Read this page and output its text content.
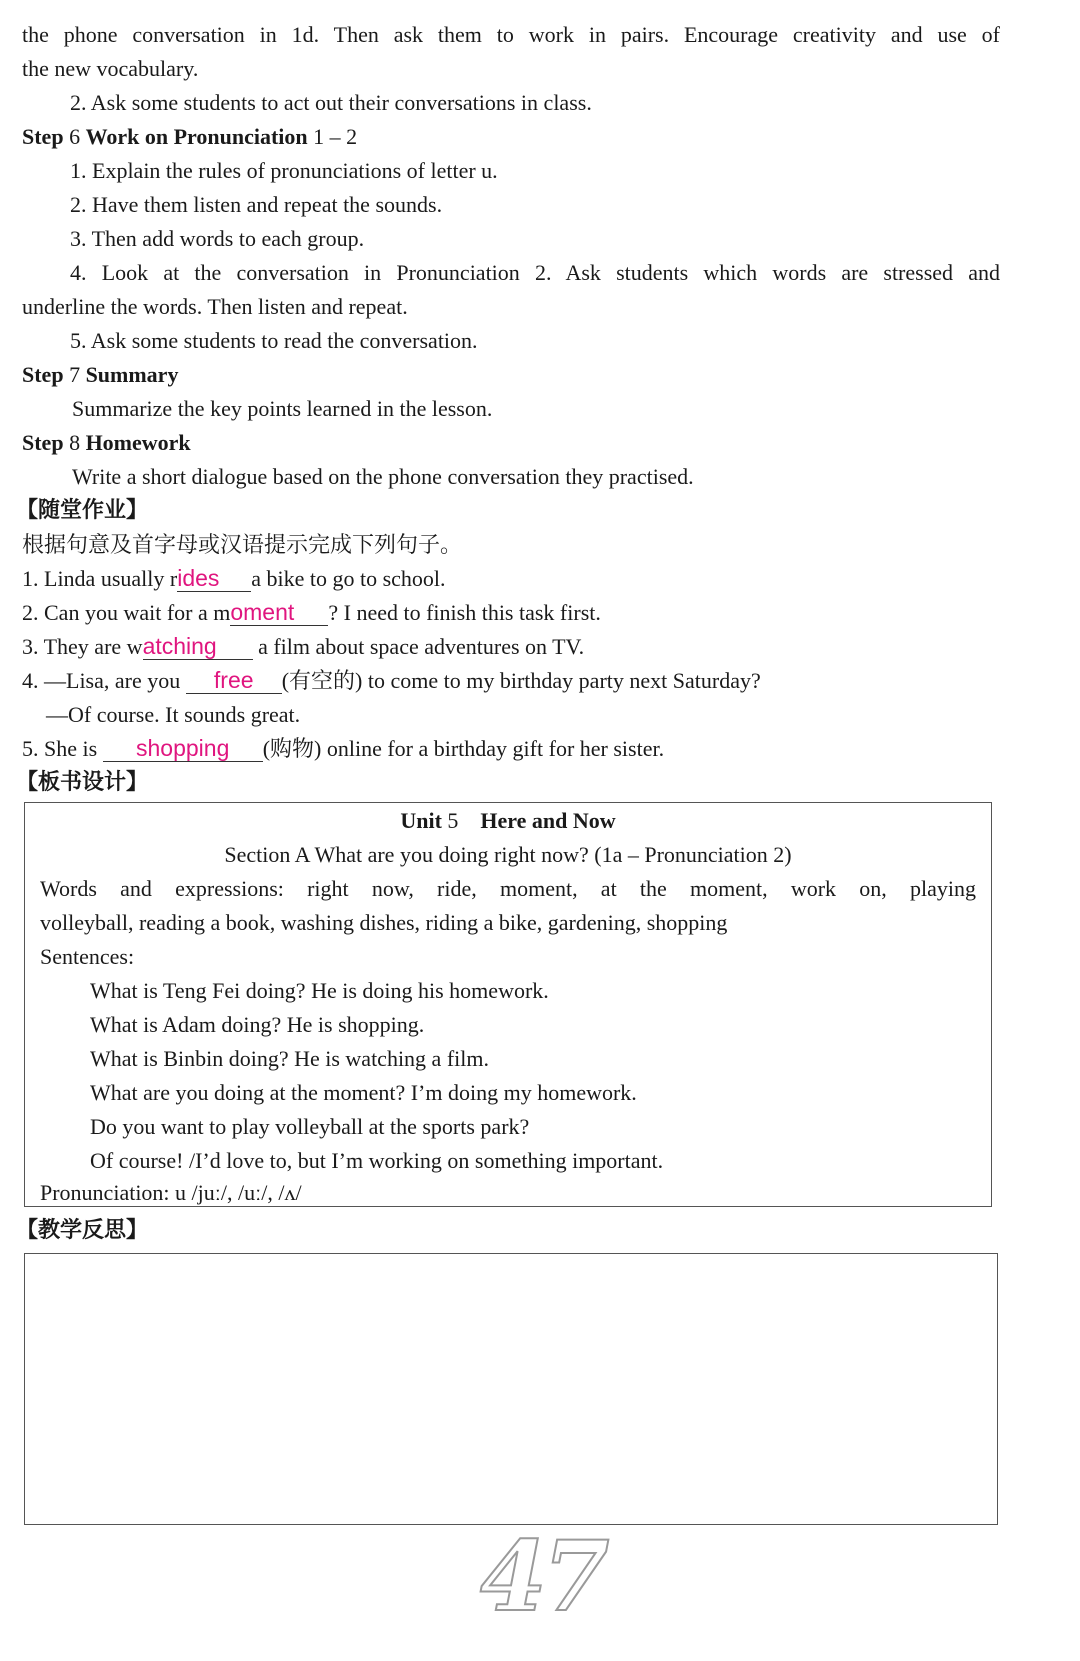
the phone conversation in 1d. Then ask them to work in pairs. Encourage creativity and use of
the new vocabulary.
2. Ask some students to act out their conversations in class.
Step 6 Work on Pronunciation 1 – 2
1. Explain the rules of pronunciations of letter u.
2. Have them listen and repeat the sounds.
3. Then add words to each group.
4. Look at the conversation in Pronunciation 2. Ask students which words are stressed and
underline the words. Then listen and repeat.
5. Ask some students to read the conversation.
Step 7 Summary
Summarize the key points learned in the lesson.
Step 8 Homework
Write a short dialogue based on the phone conversation they practised.
【随堂作业】
根据句意及首字母或汉语提示完成下列句子。
1. Linda usually rides a bike to go to school.
2. Can you wait for a moment ? I need to finish this task first.
3. They are watching a film about space adventures on TV.
4. —Lisa, are you free (有空的) to come to my birthday party next Saturday?
—Of course. It sounds great.
5. She is shopping (购物) online for a birthday gift for her sister.
【板书设计】
Unit 5 Here and Now
Section A What are you doing right now? (1a – Pronunciation 2)
Words and expressions: right now, ride, moment, at the moment, work on, playing
volleyball, reading a book, washing dishes, riding a bike, gardening, shopping
Sentences:
What is Teng Fei doing? He is doing his homework.
What is Adam doing? He is shopping.
What is Binbin doing? He is watching a film.
What are you doing at the moment? I’m doing my homework.
Do you want to play volleyball at the sports park?
Of course! /I’d love to, but I’m working on something important.
Pronunciation: u /juː/, /uː/, /ʌ/
【教学反思】
47
